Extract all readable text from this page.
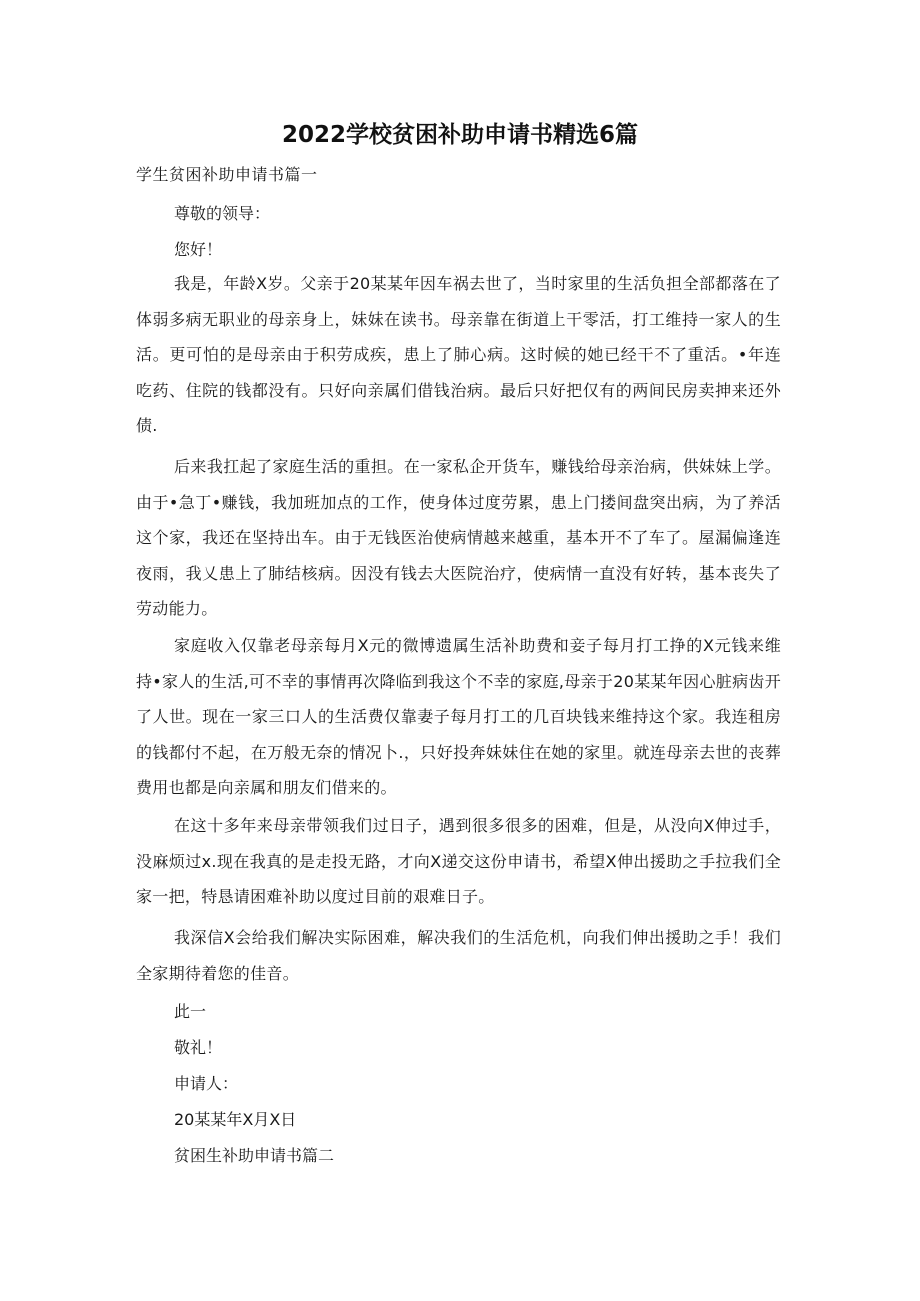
2022学校贫困补助申请书精选6篇
学生贫困补助申请书篇一
尊敬的领导：
您好！

我是，年龄X岁。父亲于20某某年因车祸去世了，当时家里的生活负担全部都落在了体弱多病无职业的母亲身上，妹妹在读书。母亲靠在街道上干零活，打工维持一家人的生活。更可怕的是母亲由于积劳成疾，患上了肺心病。这时候的她已经干不了重活。•年连吃药、住院的钱都没有。只好向亲属们借钱治病。最后只好把仅有的两间民房卖抻来还外债.

后来我扛起了家庭生活的重担。在一家私企开货车，赚钱给母亲治病，供妹妹上学。由于•急丁•赚钱，我加班加点的工作，使身体过度劳累，患上门搂间盘突出病，为了养活这个家，我还在坚持出车。由于无钱医治使病情越来越重，基本开不了车了。屋漏偏逢连夜雨，我乂患上了肺结核病。因没有钱去大医院治疗，使病情一直没有好转，基本丧失了劳动能力。

家庭收入仅靠老母亲每月X元的微博遗属生活补助费和妾子每月打工挣的X元钱来维持•家人的生活,可不幸的事情再次降临到我这个不幸的家庭,母亲于20某某年因心脏病齿开了人世。现在一家三口人的生活费仅靠妻子每月打工的几百块钱来维持这个家。我连租房的钱都付不起，在万般无奈的情况卜.，只好投奔妹妹住在她的家里。就连母亲去世的丧葬费用也都是向亲属和朋友们借来的。

在这十多年来母亲带领我们过日子，遇到很多很多的困难，但是，从没向X伸过手，没麻烦过x.现在我真的是走投无路，才向X递交这份申请书，希望X伸出援助之手拉我们全家一把，特恳请困难补助以度过目前的艰难日子。

我深信X会给我们解决实际困难，解决我们的生活危机，向我们伸出援助之手！我们全家期待着您的佳音。

此一
敬礼！
申请人：
20某某年X月X日
贫困生补助申请书篇二
